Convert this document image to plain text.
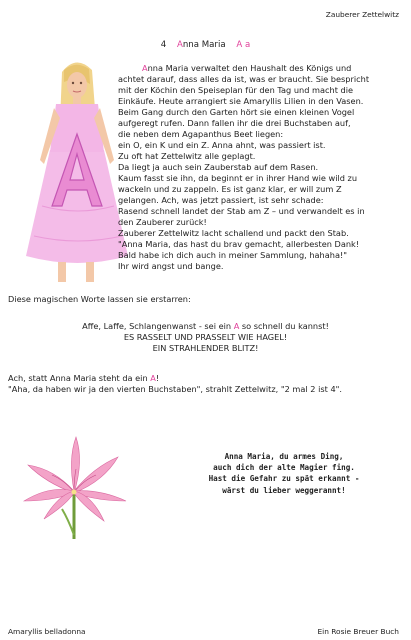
Zauberer Zettelwitz
4 Anna Maria A a

Anna Maria verwaltet den Haushalt des Königs und

achtet darauf, dass alles da ist, was er braucht. Sie bespricht

mit der Köchin den Speiseplan für den Tag und macht die

Einkäufe. Heute arrangiert sie Amaryllis Lilien in den Vasen.

Beim Gang durch den Garten hört sie einen kleinen Vogel

aufgeregt rufen. Dann fallen ihr die drei Buchstaben auf,

die neben dem Agapanthus Beet liegen:

ein O, ein K und ein Z. Anna ahnt, was passiert ist.

Zu oft hat Zettelwitz alle geplagt.

Da liegt ja auch sein Zauberstab auf dem Rasen.

Kaum fasst sie ihn, da beginnt er in ihrer Hand wie wild zu

wackeln und zu zappeln. Es ist ganz klar, er will zum Z

gelangen. Ach, was jetzt passiert, ist sehr schade:

Rasend schnell landet der Stab am Z – und verwandelt es in

den Zauberer zurück!

Zauberer Zettelwitz lacht schallend und packt den Stab.

"Anna Maria, das hast du brav gemacht, allerbesten Dank!

Bald habe ich dich auch in meiner Sammlung, hahaha!"

Ihr wird angst und bange.

Diese magischen Worte lassen sie erstarren:
Affe, Laffe, Schlangenwanst - sei ein A so schnell du kannst!
ES RASSELT UND PRASSELT WIE HAGEL!
EIN STRAHLENDER BLITZ!
Ach, statt Anna Maria steht da ein A!
"Aha, da haben wir ja den vierten Buchstaben", strahlt Zettelwitz, "2 mal 2 ist 4".
Anna Maria, du armes Ding,
auch dich der alte Magier fing.
Hast die Gefahr zu spät erkannt -
wärst du lieber weggerannt!
Amaryllis belladonna	Ein Rosie Breuer Buch
